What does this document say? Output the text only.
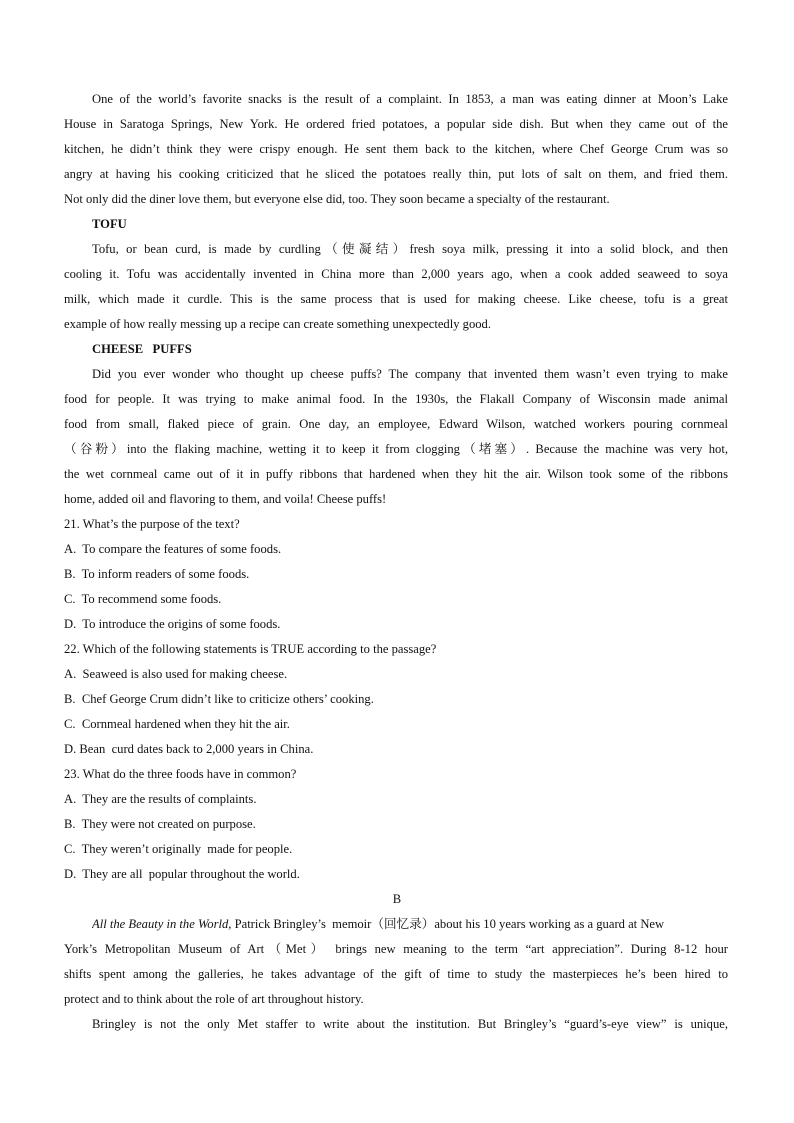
One of the world’s favorite snacks is the result of a complaint. In 1853, a man was eating dinner at Moon’s Lake
House in Saratoga Springs, New York. He ordered fried potatoes, a popular side dish. But when they came out of the
kitchen, he didn’t think they were crispy enough. He sent them back to the kitchen, where Chef George Crum was so
angry at having his cooking criticized that he sliced the potatoes really thin, put lots of salt on them, and fried them.
Not only did the diner love them, but everyone else did, too. They soon became a specialty of the restaurant.
TOFU
Tofu, or bean curd, is made by curdling（使凝结）fresh soya milk, pressing it into a solid block, and then
cooling it. Tofu was accidentally invented in China more than 2,000 years ago, when a cook added seaweed to soya
milk, which made it curdle. This is the same process that is used for making cheese. Like cheese, tofu is a great
example of how really messing up a recipe can create something unexpectedly good.
CHEESE   PUFFS
Did you ever wonder who thought up cheese puffs? The company that invented them wasn’t even trying to make
food for people. It was trying to make animal food. In the 1930s, the Flakall Company of Wisconsin made animal
food from small, flaked piece of grain. One day, an employee, Edward Wilson, watched workers pouring cornmeal
（谷粉）into the flaking machine, wetting it to keep it from clogging（堵塞）. Because the machine was very hot,
the wet cornmeal came out of it in puffy ribbons that hardened when they hit the air. Wilson took some of the ribbons
home, added oil and flavoring to them, and voila! Cheese puffs!
21. What’s the purpose of the text?
A.  To compare the features of some foods.
B.  To inform readers of some foods.
C.  To recommend some foods.
D.  To introduce the origins of some foods.
22. Which of the following statements is TRUE according to the passage?
A.  Seaweed is also used for making cheese.
B.  Chef George Crum didn’t like to criticize others’ cooking.
C.  Cornmeal hardened when they hit the air.
D. Bean  curd dates back to 2,000 years in China.
23. What do the three foods have in common?
A.  They are the results of complaints.
B.  They were not created on purpose.
C.  They weren’t originally  made for people.
D.  They are all  popular throughout the world.
B
All the Beauty in the World, Patrick Bringley’s  memoir（回忆录）about his 10 years working as a guard at New
York’s Metropolitan Museum of Art（Met） brings new meaning to the term “art appreciation”. During 8-12 hour
shifts spent among the galleries, he takes advantage of the gift of time to study the masterpieces he’s been hired to
protect and to think about the role of art throughout history.
Bringley is not the only Met staffer to write about the institution. But Bringley’s “guard’s-eye view” is unique,
